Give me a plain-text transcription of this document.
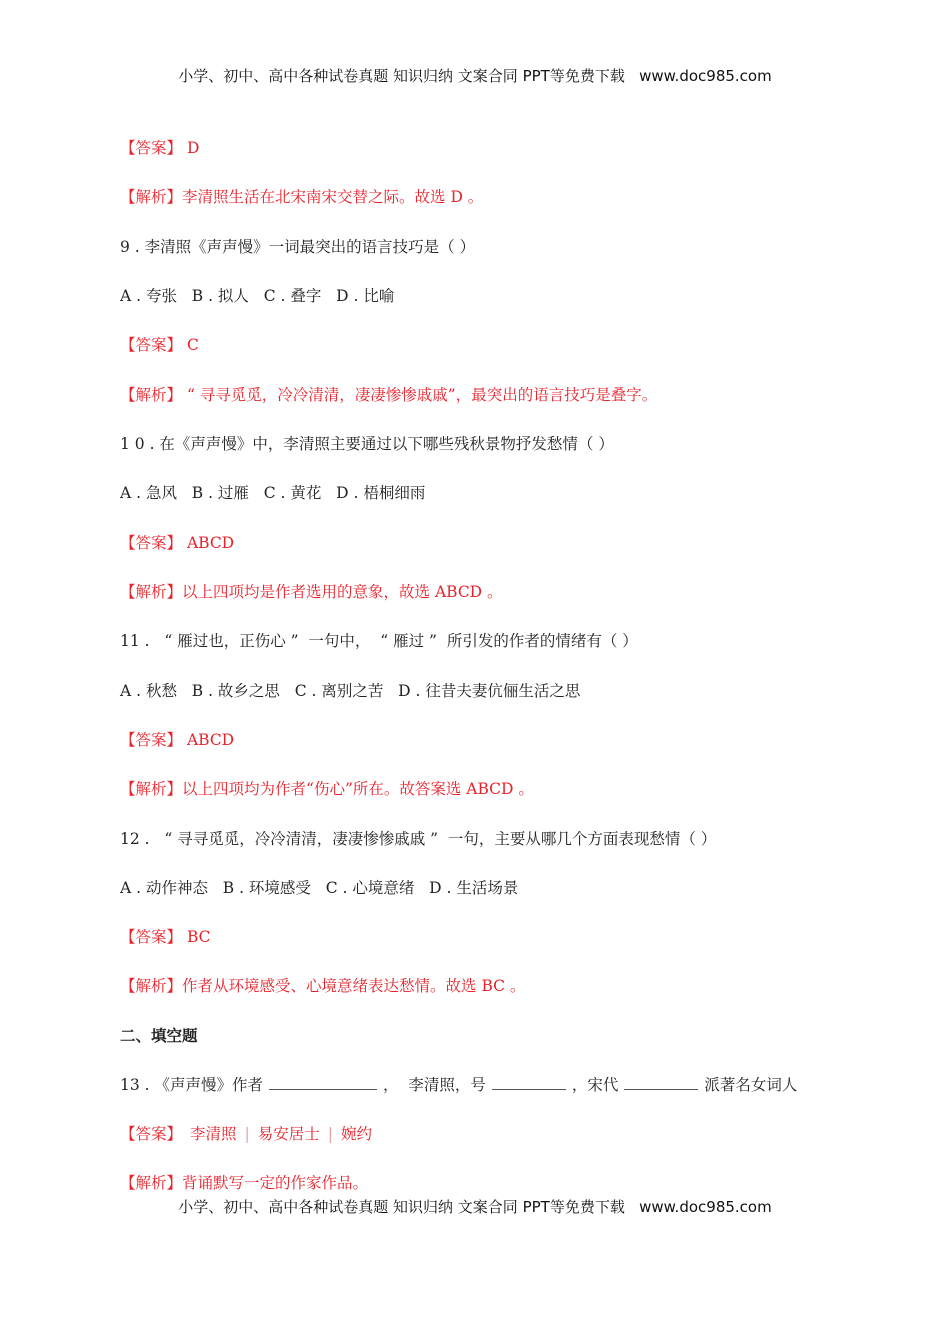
小学、初中、高中各种试卷真题 知识归纳 文案合同 PPT等免费下载   www.doc985.com
【答案】 D
【解析】李清照生活在北宋南宋交替之际。故选 D 。
9 . 李清照《声声慢》一词最突出的语言技巧是（ ）
A . 夸张   B . 拟人   C . 叠字   D . 比喻
【答案】 C
【解析】 “ 寻寻觅觅，冷冷清清，凄凄惨惨戚戚”，最突出的语言技巧是叠字。
1 0 . 在《声声慢》中，李清照主要通过以下哪些残秋景物抒发愁情（ ）
A . 急风   B . 过雁   C . 黄花   D . 梧桐细雨
【答案】 ABCD
【解析】以上四项均是作者选用的意象，故选 ABCD 。
11 .   “ 雁过也，正伤心 ”  一句中，  “ 雁过 ”  所引发的作者的情绪有（ ）
A . 秋愁   B . 故乡之思   C . 离别之苦   D . 往昔夫妻伉俪生活之思
【答案】 ABCD
【解析】以上四项均为作者“伤心”所在。故答案选 ABCD 。
12 .   “ 寻寻觅觅，冷冷清清，凄凄惨惨戚戚 ”  一句，主要从哪几个方面表现愁情（ ）
A . 动作神态   B . 环境感受   C . 心境意绪   D . 生活场景
【答案】 BC
【解析】作者从环境感受、心境意绪表达愁情。故选 BC 。
二、填空题
13 . 《声声慢》作者	，  李清照，号	，宋代	派著名女词人
【答案】 李清照 | 易安居士 | 婉约
【解析】背诵默写一定的作家作品。
小学、初中、高中各种试卷真题 知识归纳 文案合同 PPT等免费下载   www.doc985.com
